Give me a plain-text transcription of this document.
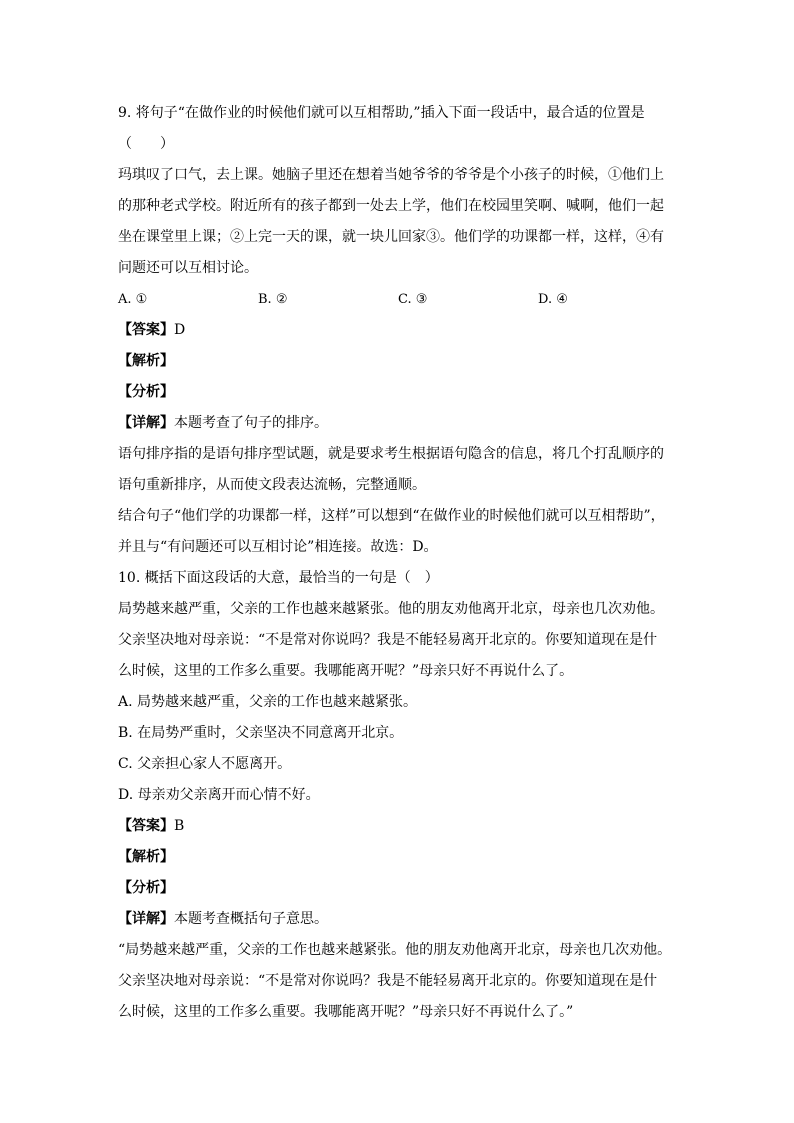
9. 将句子“在做作业的时候他们就可以互相帮助,”插入下面一段话中，最合适的位置是
（　　）
玛琪叹了口气，去上课。她脑子里还在想着当她爷爷的爷爷是个小孩子的时候，①他们上
的那种老式学校。附近所有的孩子都到一处去上学，他们在校园里笑啊、喊啊，他们一起
坐在课堂里上课；②上完一天的课，就一块儿回家③。他们学的功课都一样，这样，④有
问题还可以互相讨论。
A. ①	B. ②	C. ③	D. ④
【答案】D
【解析】
【分析】
【详解】本题考查了句子的排序。
语句排序指的是语句排序型试题，就是要求考生根据语句隐含的信息，将几个打乱顺序的
语句重新排序，从而使文段表达流畅，完整通顺。
结合句子“他们学的功课都一样，这样”可以想到“在做作业的时候他们就可以互相帮助”，
并且与“有问题还可以互相讨论”相连接。故选：D。
10. 概括下面这段话的大意，最恰当的一句是（　）
局势越来越严重，父亲的工作也越来越紧张。他的朋友劝他离开北京，母亲也几次劝他。
父亲坚决地对母亲说：“不是常对你说吗？我是不能轻易离开北京的。你要知道现在是什
么时候，这里的工作多么重要。我哪能离开呢？”母亲只好不再说什么了。
A. 局势越来越严重，父亲的工作也越来越紧张。
B. 在局势严重时，父亲坚决不同意离开北京。
C. 父亲担心家人不愿离开。
D. 母亲劝父亲离开而心情不好。
【答案】B
【解析】
【分析】
【详解】本题考查概括句子意思。
“局势越来越严重，父亲的工作也越来越紧张。他的朋友劝他离开北京，母亲也几次劝他。
父亲坚决地对母亲说：“不是常对你说吗？我是不能轻易离开北京的。你要知道现在是什
么时候，这里的工作多么重要。我哪能离开呢？”母亲只好不再说什么了。”
